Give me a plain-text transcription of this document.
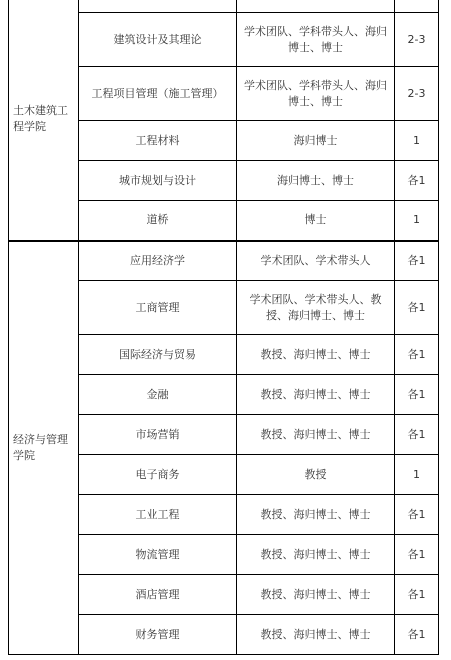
土木建筑工程学院			
	建筑设计及其理论	学术团队、学科带头人、海归博士、博士	2-3
	工程项目管理（施工管理）	学术团队、学科带头人、海归博士、博士	2-3
	工程材料	海归博士	1
	城市规划与设计	海归博士、博士	各1
	道桥	博士	1
经济与管理学院	应用经济学	学术团队、学术带头人	各1
	工商管理	学术团队、学术带头人、教授、海归博士、博士	各1
	国际经济与贸易	教授、海归博士、博士	各1
	金融	教授、海归博士、博士	各1
	市场营销	教授、海归博士、博士	各1
	电子商务	教授	1
	工业工程	教授、海归博士、博士	各1
	物流管理	教授、海归博士、博士	各1
	酒店管理	教授、海归博士、博士	各1
	财务管理	教授、海归博士、博士	各1
